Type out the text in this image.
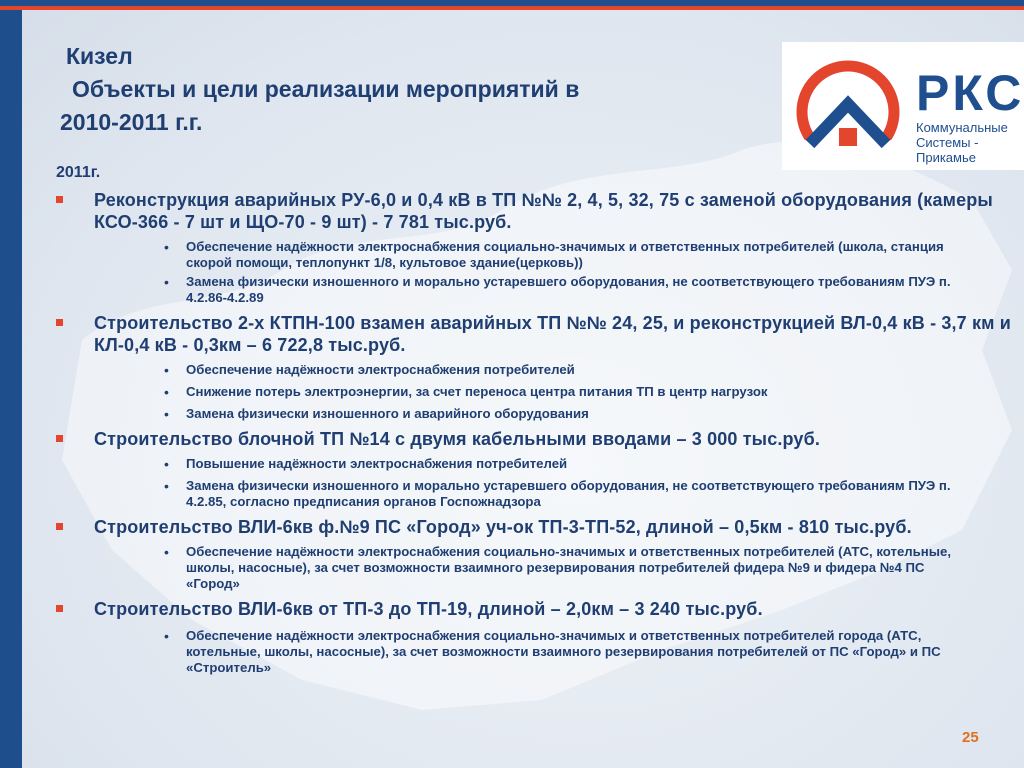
Кизел
Объекты и цели реализации мероприятий в
2010-2011 г.г.
РКС
Коммунальные
Системы -
Прикамье
2011г.
Реконструкция аварийных РУ-6,0 и 0,4 кВ в ТП №№ 2, 4, 5, 32, 75 с заменой оборудования (камеры КСО-366 - 7 шт и ЩО-70 - 9 шт) - 7 781 тыс.руб.
• Обеспечение надёжности электроснабжения социально-значимых и ответственных потребителей (школа, станция скорой помощи, теплопункт 1/8, культовое здание(церковь))
• Замена физически изношенного и морально устаревшего оборудования, не соответствующего требованиям ПУЭ п. 4.2.86-4.2.89
Строительство 2-х КТПН-100 взамен аварийных ТП №№ 24, 25, и реконструкцией ВЛ-0,4 кВ - 3,7 км и КЛ-0,4 кВ - 0,3км – 6 722,8 тыс.руб.
• Обеспечение надёжности электроснабжения потребителей
• Снижение потерь электроэнергии, за счет переноса центра питания ТП в центр нагрузок
• Замена физически изношенного и аварийного оборудования
Строительство блочной ТП №14 с двумя кабельными вводами – 3 000 тыс.руб.
• Повышение надёжности электроснабжения потребителей
• Замена физически изношенного и морально устаревшего оборудования, не соответствующего требованиям ПУЭ п. 4.2.85, согласно предписания органов Госпожнадзора
Строительство ВЛИ-6кв ф.№9 ПС «Город» уч-ок ТП-3-ТП-52, длиной – 0,5км - 810 тыс.руб.
• Обеспечение надёжности электроснабжения социально-значимых и ответственных потребителей (АТС, котельные, школы, насосные), за счет возможности взаимного резервирования потребителей фидера №9 и фидера №4 ПС «Город»
Строительство ВЛИ-6кв от ТП-3 до ТП-19, длиной – 2,0км – 3 240 тыс.руб.
• Обеспечение надёжности электроснабжения социально-значимых и ответственных потребителей города (АТС, котельные, школы, насосные), за счет возможности взаимного резервирования потребителей от ПС «Город» и ПС «Строитель»
25
